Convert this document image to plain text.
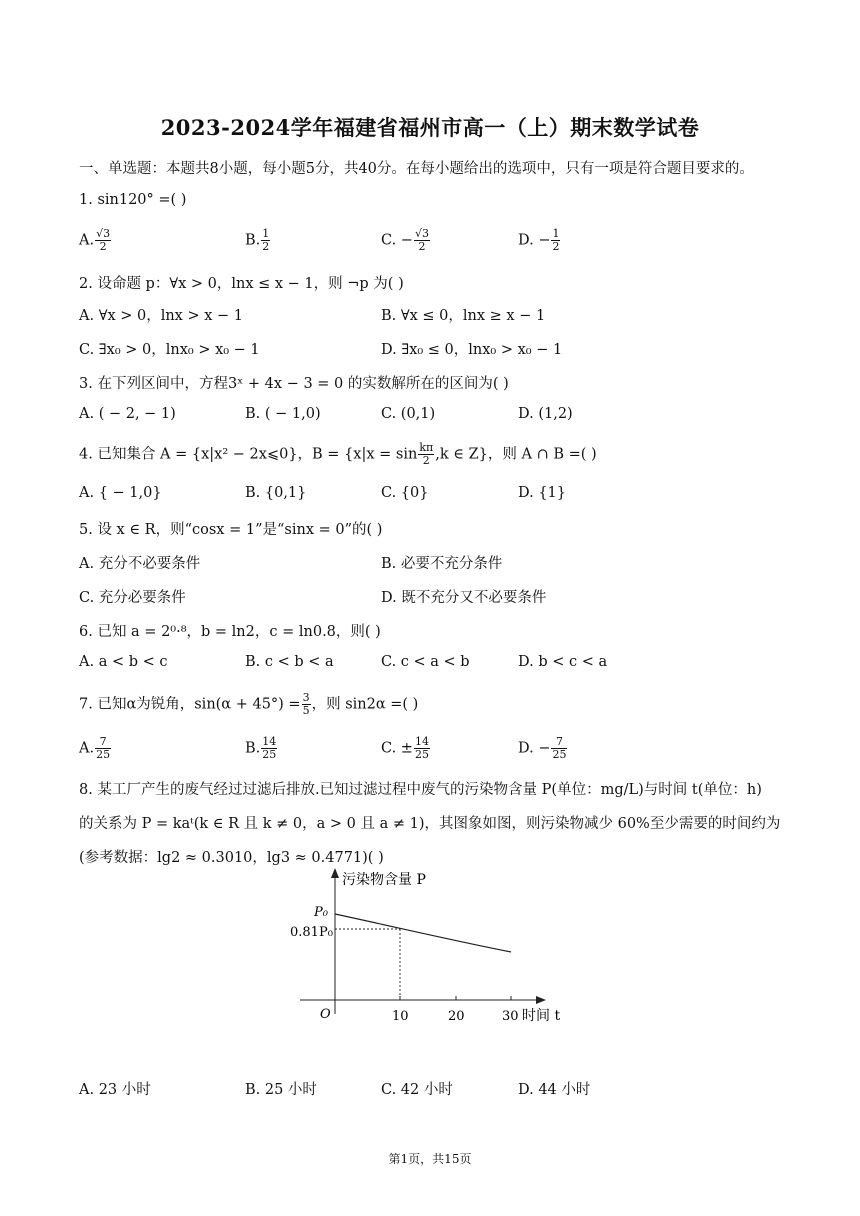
2023-2024学年福建省福州市高一（上）期末数学试卷
一、单选题：本题共8小题，每小题5分，共40分。在每小题给出的选项中，只有一项是符合题目要求的。
1. sin120° =( )
A. $\frac{√3}{2}$	B. $\frac{1}{2}$	C. − $\frac{√3}{2}$	D. − $\frac{1}{2}$
2. 设命题 p：∀x > 0，lnx ≤ x − 1，则 ¬p 为( )
A. ∀x > 0，lnx > x − 1	B. ∀x ≤ 0，lnx ≥ x − 1
C. ∃x₀ > 0，lnx₀ > x₀ − 1	D. ∃x₀ ≤ 0，lnx₀ > x₀ − 1
3. 在下列区间中，方程3ˣ + 4x − 3 = 0 的实数解所在的区间为( )
A. ( − 2, − 1)	B. ( − 1,0)	C. (0,1)	D. (1,2)
4. 已知集合 A = {x|x² − 2x⩽0}，$B = \{x|x = \sin \frac{k\pi}{2} ,k$ ∈ Z}，则 A ∩ B =( )
A. { − 1,0}	B. {0,1}	C. {0}	D. {1}
5. 设 x ∈ R，则“cosx = 1”是“sinx = 0”的( )
A. 充分不必要条件	B. 必要不充分条件
C. 充分必要条件	D. 既不充分又不必要条件
6. 已知 a = 2⁰·⁸，b = ln2，c = ln0.8，则( )
A. a < b < c	B. c < b < a	C. c < a < b	D. b < c < a
7. 已知α为锐角，$\sin(\alpha + 45^\circ) = \frac{3}{5}$ ，则 sin2α =( )
A. $\frac{7}{25}$	B. $\frac{14}{25}$	C. ± $\frac{14}{25}$	D. − $\frac{7}{25}$
8. 某工厂产生的废气经过过滤后排放.已知过滤过程中废气的污染物含量 P(单位：mg/L)与时间 t(单位：h)
的关系为 P = kaᵗ(k ∈ R 且 k ≠ 0，a > 0 且 a ≠ 1)，其图象如图，则污染物减少 60%至少需要的时间约为
(参考数据：lg2 ≈ 0.3010，lg3 ≈ 0.4771)( )
污染物含量 P
P₀
0.81P₀
O	10	20	30 时间 t
A. 23 小时	B. 25 小时	C. 42 小时	D. 44 小时
第1页，共15页
